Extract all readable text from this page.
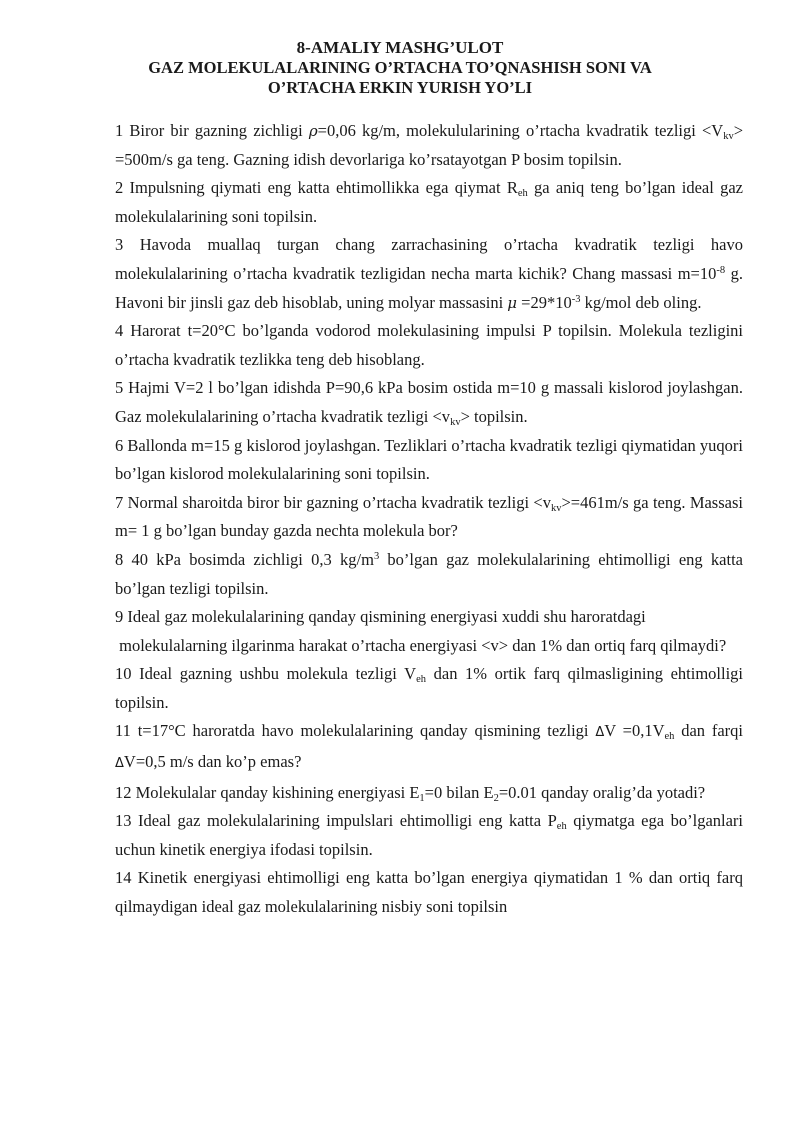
8-AMALIY MASHG’ULOT
GAZ MOLEKULALARINING O’RTACHA TO’QNASHISH SONI VA
O’RTACHA ERKIN YURISH YO’LI
1 Biror bir gazning zichligi ρ=0,06 kg/m, molekulularining o’rtacha kvadratik tezligi $<V_{kv}> =500m/s$ ga teng. Gazning idish devorlariga ko’rsatayotgan P bosim topilsin.
2 Impulsning qiymati eng katta ehtimollikka ega qiymat $R_{eh}$ ga aniq teng bo’lgan ideal gaz molekulalarining soni topilsin.
3 Havoda muallaq turgan chang zarrachasining o’rtacha kvadratik tezligi havo molekulalarining o’rtacha kvadratik tezligidan necha marta kichik? Chang massasi $m=10^{-8}$ g. Havoni bir jinsli gaz deb hisoblab, uning molyar massasini $\mu =29*10^{-3}$ kg/mol deb oling.
4 Harorat t=20°C bo’lganda vodorod molekulasining impulsi P topilsin. Molekula tezligini o’rtacha kvadratik tezlikka teng deb hisoblang.
5 Hajmi V=2 l bo’lgan idishda P=90,6 kPa bosim ostida m=10 g massali kislorod joylashgan. Gaz molekulalarining o’rtacha kvadratik tezligi $<v_{kv}>$ topilsin.
6 Ballonda m=15 g kislorod joylashgan. Tezliklari o’rtacha kvadratik tezligi qiymatidan yuqori bo’lgan kislorod molekulalarining soni topilsin.
7 Normal sharoitda biror bir gazning o’rtacha kvadratik tezligi $<v_{kv}>=461m/s$ ga teng. Massasi m= 1 g bo’lgan bunday gazda nechta molekula bor?
8 40 kPa bosimda zichligi 0,3 $kg/m^3$ bo’lgan gaz molekulalarining ehtimolligi eng katta bo’lgan tezligi topilsin.
9 Ideal gaz molekulalarining qanday qismining energiyasi xuddi shu haroratdagi
molekulalarning ilgarinma harakat o’rtacha energiyasi <v> dan 1% dan ortiq farq qilmaydi?
10 Ideal gazning ushbu molekula tezligi $V_{eh}$ dan 1% ortik farq qilmasligining ehtimolligi topilsin.
11 t=17°C haroratda havo molekulalarining qanday qismining tezligi $\Delta V =0,1V_{eh}$ dan farqi ΔV=0,5 m/s dan ko’p emas?
12 Molekulalar qanday kishining energiyasi $E_1=0$ bilan $E_2=0.01$ qanday oralig’da yotadi?
13 Ideal gaz molekulalarining impulslari ehtimolligi eng katta $P_{eh}$ qiymatga ega bo’lganlari uchun kinetik energiya ifodasi topilsin.
14 Kinetik energiyasi ehtimolligi eng katta bo’lgan energiya qiymatidan 1 % dan ortiq farq qilmaydigan ideal gaz molekulalarining nisbiy soni topilsin
